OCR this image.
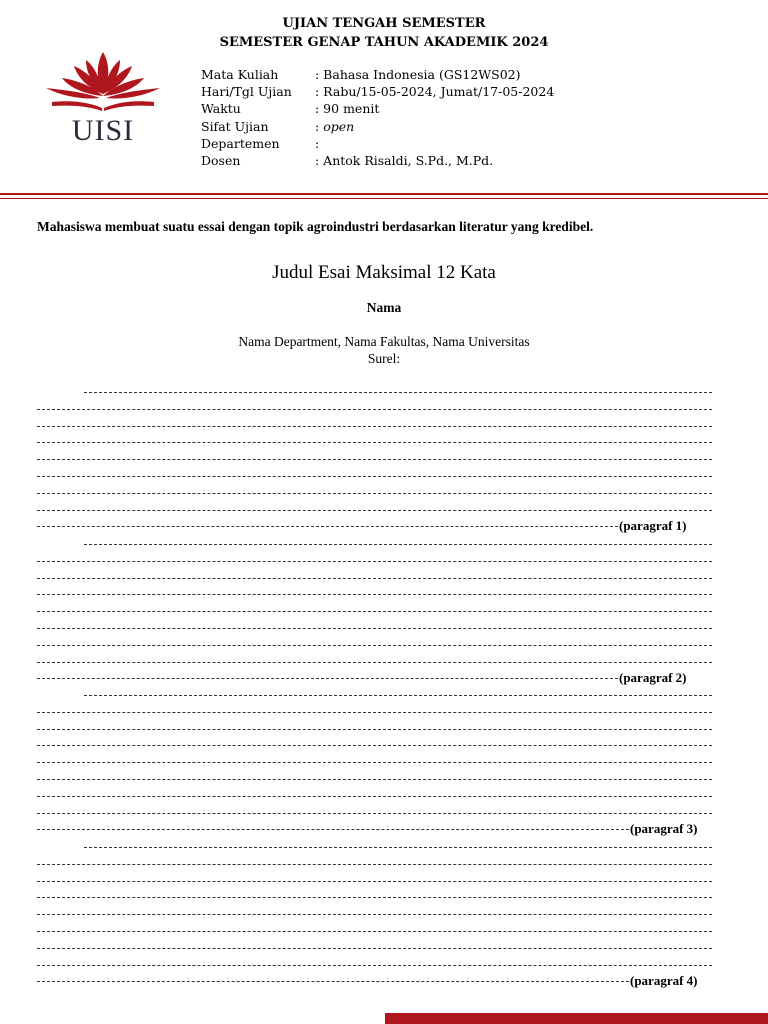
UJIAN TENGAH SEMESTER
SEMESTER GENAP TAHUN AKADEMIK 2024
UISI
Mata Kuliah	: Bahasa Indonesia (GS12WS02)
Hari/Tgl Ujian	: Rabu/15-05-2024, Jumat/17-05-2024
Waktu	: 90 menit
Sifat Ujian	: open
Departemen	:
Dosen	: Antok Risaldi, S.Pd., M.Pd.
Mahasiswa membuat suatu essai dengan topik agroindustri berdasarkan literatur yang kredibel.
Judul Esai Maksimal 12 Kata
Nama
Nama Department, Nama Fakultas, Nama Universitas
Surel:
(paragraf 1)
(paragraf 2)
(paragraf 3)
(paragraf 4)
